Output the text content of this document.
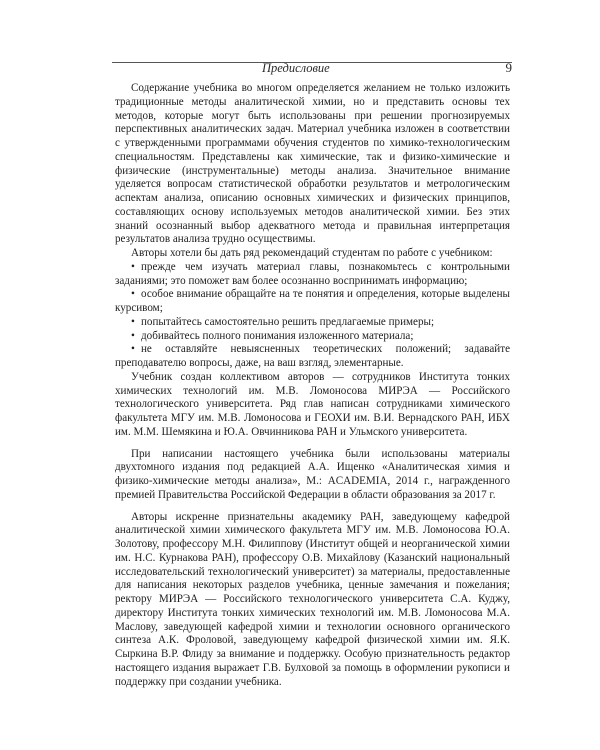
Предисловие	9

Содержание учебника во многом определяется желанием не только изложить традиционные методы аналитической химии, но и представить основы тех методов, которые могут быть использованы при решении прогнозируемых перспективных аналитических задач. Материал учебника изложен в соответствии с утвержденными программами обучения студентов по химико-технологическим специальностям. Представлены как химические, так и физико-химические и физические (инструментальные) методы анализа. Значительное внимание уделяется вопросам статистической обработки результатов и метрологическим аспектам анализа, описанию основных химических и физических принципов, составляющих основу используемых методов аналитической химии. Без этих знаний осознанный выбор адекватного метода и правильная интерпретация результатов анализа трудно осуществимы.

Авторы хотели бы дать ряд рекомендаций студентам по работе с учебником:

• прежде чем изучать материал главы, познакомьтесь с контрольными заданиями; это поможет вам более осознанно воспринимать информацию;
• особое внимание обращайте на те понятия и определения, которые выделены курсивом;
• попытайтесь самостоятельно решить предлагаемые примеры;
• добивайтесь полного понимания изложенного материала;
• не оставляйте невыясненных теоретических положений; задавайте преподавателю вопросы, даже, на ваш взгляд, элементарные.

Учебник создан коллективом авторов — сотрудников Института тонких химических технологий им. М.В. Ломоносова МИРЭА — Российского технологического университета. Ряд глав написан сотрудниками химического факультета МГУ им. М.В. Ломоносова и ГЕОХИ им. В.И. Вернадского РАН, ИБХ им. М.М. Шемякина и Ю.А. Овчинникова РАН и Ульмского университета.

При написании настоящего учебника были использованы материалы двухтомного издания под редакцией А.А. Ищенко «Аналитическая химия и физико-химические методы анализа», М.: ACADEMIA, 2014 г., награжденного премией Правительства Российской Федерации в области образования за 2017 г.

Авторы искренне признательны академику РАН, заведующему кафедрой аналитической химии химического факультета МГУ им. М.В. Ломоносова Ю.А. Золотову, профессору М.Н. Филиппову (Институт общей и неорганической химии им. Н.С. Курнакова РАН), профессору О.В. Михайлову (Казанский национальный исследовательский технологический университет) за материалы, предоставленные для написания некоторых разделов учебника, ценные замечания и пожелания; ректору МИРЭА — Российского технологического университета С.А. Куджу, директору Института тонких химических технологий им. М.В. Ломоносова М.А. Маслову, заведующей кафедрой химии и технологии основного органического синтеза А.К. Фроловой, заведующему кафедрой физической химии им. Я.К. Сыркина В.Р. Флиду за внимание и поддержку. Особую признательность редактор настоящего издания выражает Г.В. Булховой за помощь в оформлении рукописи и поддержку при создании учебника.
